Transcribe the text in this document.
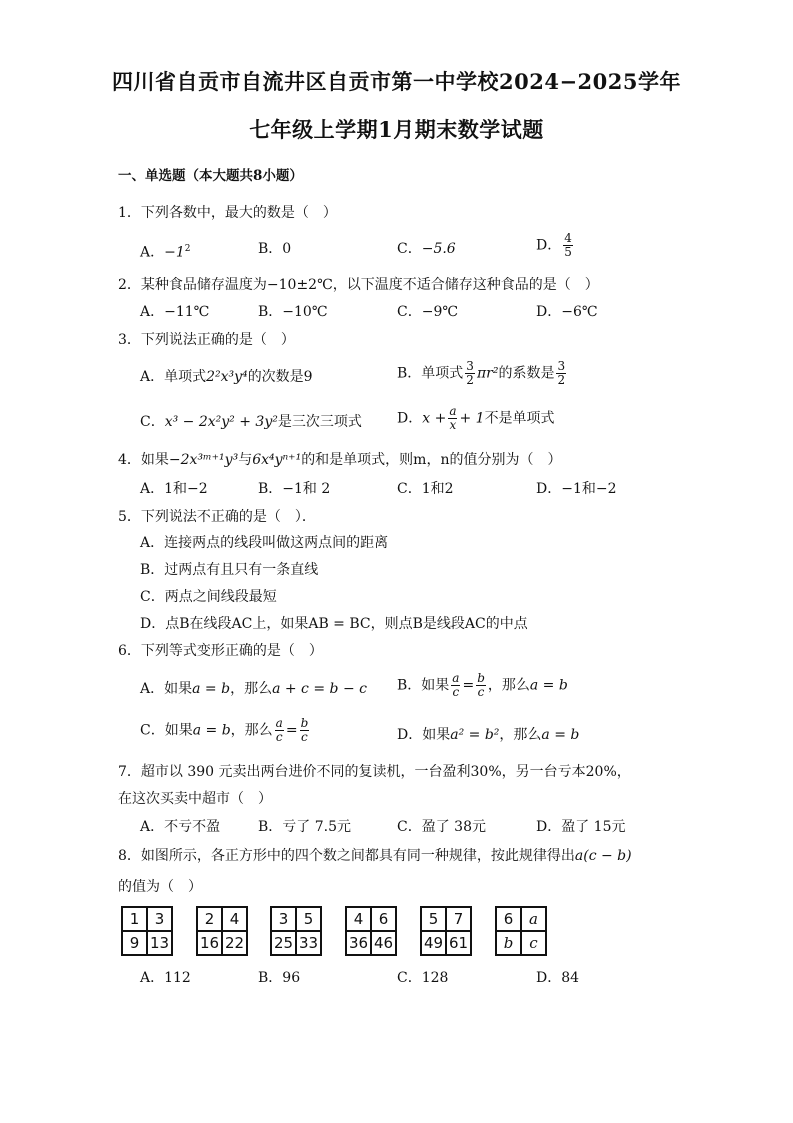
四川省自贡市自流井区自贡市第一中学校2024−2025学年
七年级上学期1月期末数学试题
一、单选题（本大题共8小题）
1．下列各数中，最大的数是（　）
A．$-1^2$	B．0	C．−5.6	D． $\frac{4}{5}$
2．某种食品储存温度为−10±2℃，以下温度不适合储存这种食品的是（　）
A．−11℃	B．−10℃	C．−9℃	D．−6℃
3．下列说法正确的是（　）
A．单项式2²x³y⁴的次数是9	B．单项式 $\frac{3}{2} \pi r^2$的系数是 $\frac{3}{2}$
C．x³ − 2x²y² + 3y²是三次三项式	D．$x + \frac{a}{x} + 1$不是单项式
4．如果−2x³ᵐ⁺¹y³与6x⁴yⁿ⁺¹的和是单项式，则m，n的值分别为（　）
A．1和−2	B．−1和 2	C．1和2	D．−1和−2
5．下列说法不正确的是（　）．
A．连接两点的线段叫做这两点间的距离
B．过两点有且只有一条直线
C．两点之间线段最短
D．点B在线段AC上，如果AB = BC，则点B是线段AC的中点
6．下列等式变形正确的是（　）
A．如果a = b，那么a + c = b − c B．如果 $\frac{a}{c} = \frac{b}{c}$ ，那么a = b
C．如果a = b，那么 $\frac{a}{c} = \frac{b}{c}$	D．如果a² = b²，那么a = b
7．超市以 390 元卖出两台进价不同的复读机，一台盈利30%，另一台亏本20%，
在这次买卖中超市（　）
A．不亏不盈	B．亏了 7.5元	C．盈了 38元	D．盈了 15元
8．如图所示，各正方形中的四个数之间都具有同一种规律，按此规律得出a(c − b)
的值为（　）
1	3
9 13
2	4
16 22
3	5
25 33
4	6
36 46
5	7
49 61
6	a
b	c
A．112	B．96	C．128	D．84
